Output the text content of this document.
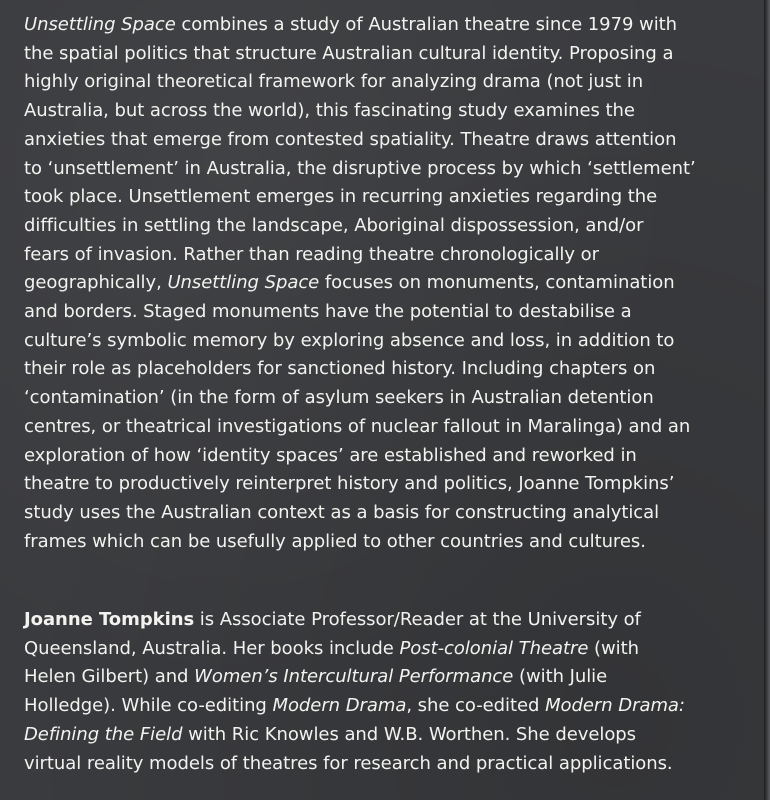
Unsettling Space combines a study of Australian theatre since 1979 with
the spatial politics that structure Australian cultural identity. Proposing a
highly original theoretical framework for analyzing drama (not just in
Australia, but across the world), this fascinating study examines the
anxieties that emerge from contested spatiality. Theatre draws attention
to ‘unsettlement’ in Australia, the disruptive process by which ‘settlement’
took place. Unsettlement emerges in recurring anxieties regarding the
difficulties in settling the landscape, Aboriginal dispossession, and/or
fears of invasion. Rather than reading theatre chronologically or
geographically, Unsettling Space focuses on monuments, contamination
and borders. Staged monuments have the potential to destabilise a
culture’s symbolic memory by exploring absence and loss, in addition to
their role as placeholders for sanctioned history. Including chapters on
‘contamination’ (in the form of asylum seekers in Australian detention
centres, or theatrical investigations of nuclear fallout in Maralinga) and an
exploration of how ‘identity spaces’ are established and reworked in
theatre to productively reinterpret history and politics, Joanne Tompkins’
study uses the Australian context as a basis for constructing analytical
frames which can be usefully applied to other countries and cultures.

Joanne Tompkins is Associate Professor/Reader at the University of
Queensland, Australia. Her books include Post-colonial Theatre (with
Helen Gilbert) and Women’s Intercultural Performance (with Julie
Holledge). While co-editing Modern Drama, she co-edited Modern Drama:
Defining the Field with Ric Knowles and W.B. Worthen. She develops
virtual reality models of theatres for research and practical applications.
